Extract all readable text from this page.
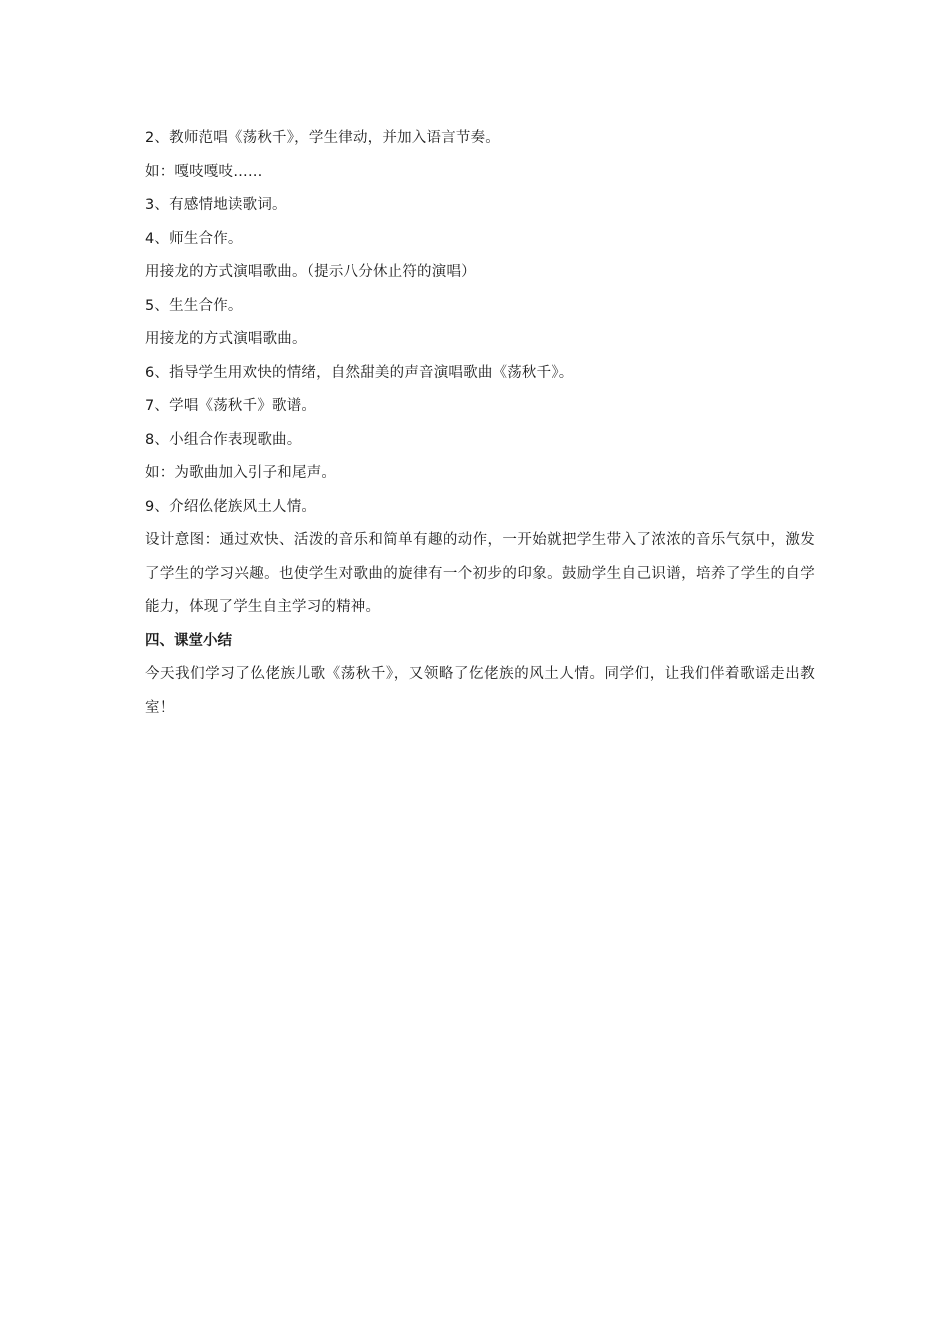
2、教师范唱《荡秋千》，学生律动，并加入语言节奏。
如：嘎吱嘎吱……
3、有感情地读歌词。
4、师生合作。
用接龙的方式演唱歌曲。（提示八分休止符的演唱）
5、生生合作。
用接龙的方式演唱歌曲。
6、指导学生用欢快的情绪，自然甜美的声音演唱歌曲《荡秋千》。
7、学唱《荡秋千》歌谱。
8、小组合作表现歌曲。
如：为歌曲加入引子和尾声。
9、介绍仫佬族风土人情。
设计意图：通过欢快、活泼的音乐和简单有趣的动作，一开始就把学生带入了浓浓的音乐气氛中，激发了学生的学习兴趣。也使学生对歌曲的旋律有一个初步的印象。鼓励学生自己识谱，培养了学生的自学能力，体现了学生自主学习的精神。
四、课堂小结
今天我们学习了仫佬族儿歌《荡秋千》，又领略了仡佬族的风土人情。同学们，让我们伴着歌谣走出教室！
